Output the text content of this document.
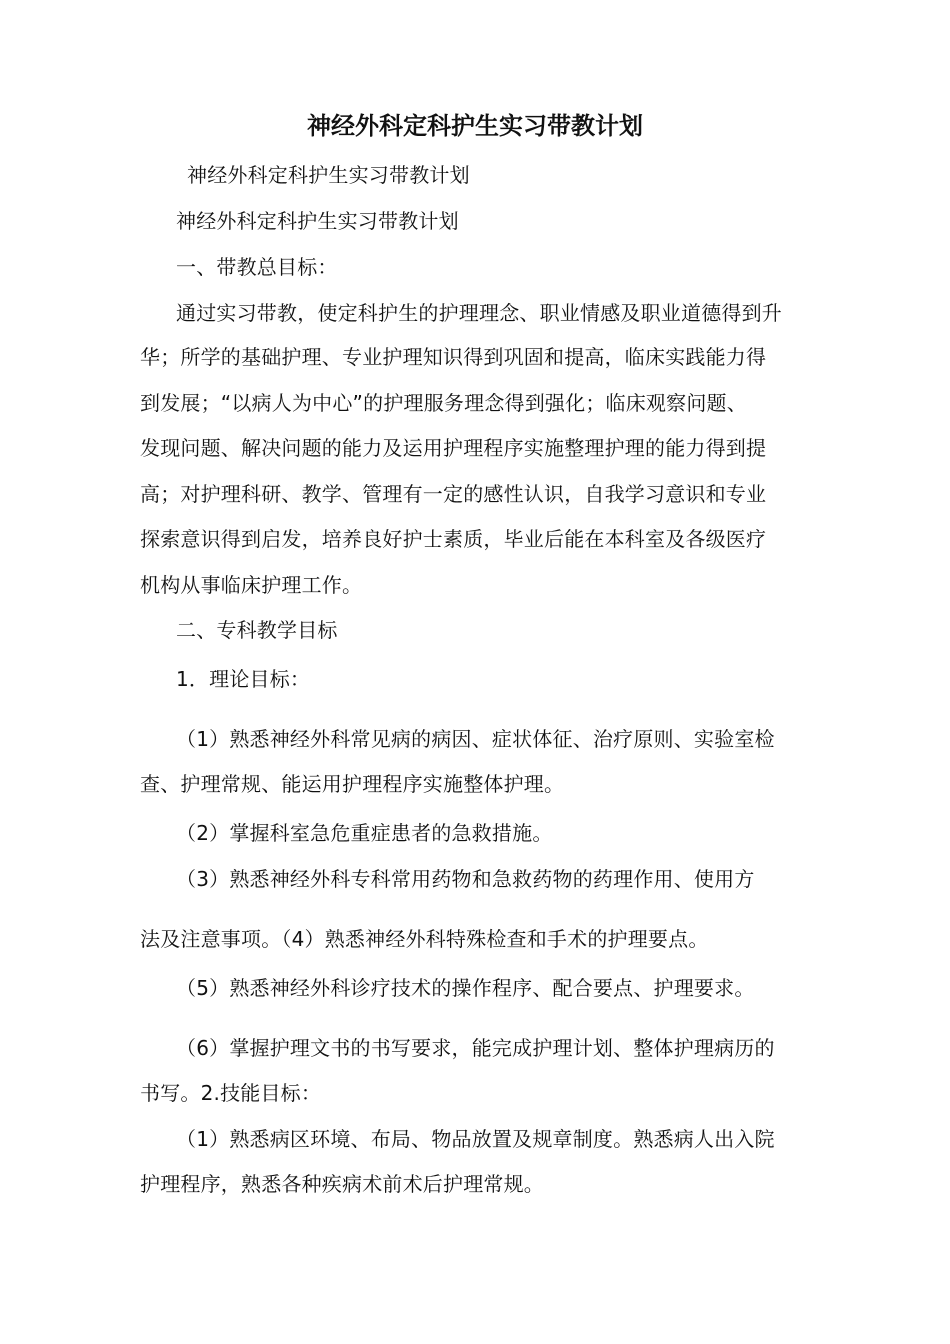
神经外科定科护生实习带教计划
神经外科定科护生实习带教计划
神经外科定科护生实习带教计划
一、带教总目标：
通过实习带教，使定科护生的护理理念、职业情感及职业道德得到升
华；所学的基础护理、专业护理知识得到巩固和提高，临床实践能力得
到发展；“以病人为中心”的护理服务理念得到强化；临床观察问题、
发现问题、解决问题的能力及运用护理程序实施整理护理的能力得到提
高；对护理科研、教学、管理有一定的感性认识，自我学习意识和专业
探索意识得到启发，培养良好护士素质，毕业后能在本科室及各级医疗
机构从事临床护理工作。
二、专科教学目标
1．理论目标：
（1）熟悉神经外科常见病的病因、症状体征、治疗原则、实验室检
查、护理常规、能运用护理程序实施整体护理。
（2）掌握科室急危重症患者的急救措施。
（3）熟悉神经外科专科常用药物和急救药物的药理作用、使用方
法及注意事项。（4）熟悉神经外科特殊检查和手术的护理要点。
（5）熟悉神经外科诊疗技术的操作程序、配合要点、护理要求。
（6）掌握护理文书的书写要求，能完成护理计划、整体护理病历的
书写。2.技能目标：
（1）熟悉病区环境、布局、物品放置及规章制度。熟悉病人出入院
护理程序，熟悉各种疾病术前术后护理常规。
